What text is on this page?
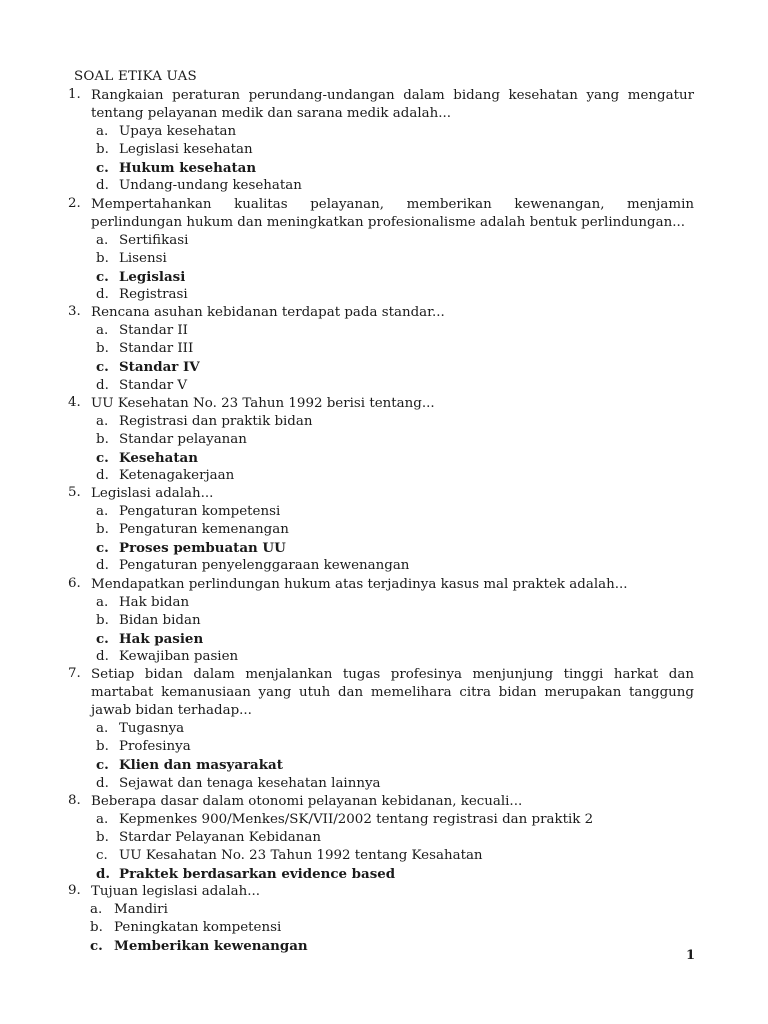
SOAL ETIKA UAS
1. Rangkaian peraturan perundang-undangan dalam bidang kesehatan yang mengatur tentang pelayanan medik dan sarana medik adalah...
a. Upaya kesehatan
b. Legislasi kesehatan
c. Hukum kesehatan
d. Undang-undang kesehatan
2. Mempertahankan kualitas pelayanan, memberikan kewenangan, menjamin perlindungan hukum dan meningkatkan profesionalisme adalah bentuk perlindungan...
a. Sertifikasi
b. Lisensi
c. Legislasi
d. Registrasi
3. Rencana asuhan kebidanan terdapat pada standar...
a. Standar II
b. Standar III
c. Standar IV
d. Standar V
4. UU Kesehatan No. 23 Tahun 1992 berisi tentang...
a. Registrasi dan praktik bidan
b. Standar pelayanan
c. Kesehatan
d. Ketenagakerjaan
5. Legislasi adalah...
a. Pengaturan kompetensi
b. Pengaturan kemenangan
c. Proses pembuatan UU
d. Pengaturan penyelenggaraan kewenangan
6. Mendapatkan perlindungan hukum atas terjadinya kasus mal praktek adalah...
a. Hak bidan
b. Bidan bidan
c. Hak pasien
d. Kewajiban pasien
7. Setiap bidan dalam menjalankan tugas profesinya menjunjung tinggi harkat dan martabat kemanusiaan yang utuh dan memelihara citra bidan merupakan tanggung jawab bidan terhadap...
a. Tugasnya
b. Profesinya
c. Klien dan masyarakat
d. Sejawat dan tenaga kesehatan lainnya
8. Beberapa dasar dalam otonomi pelayanan kebidanan, kecuali...
a. Kepmenkes 900/Menkes/SK/VII/2002 tentang registrasi dan praktik 2
b. Stardar Pelayanan Kebidanan
c. UU Kesahatan No. 23 Tahun 1992 tentang Kesahatan
d. Praktek berdasarkan evidence based
9. Tujuan legislasi adalah...
a. Mandiri
b. Peningkatan kompetensi
c. Memberikan kewenangan
1
